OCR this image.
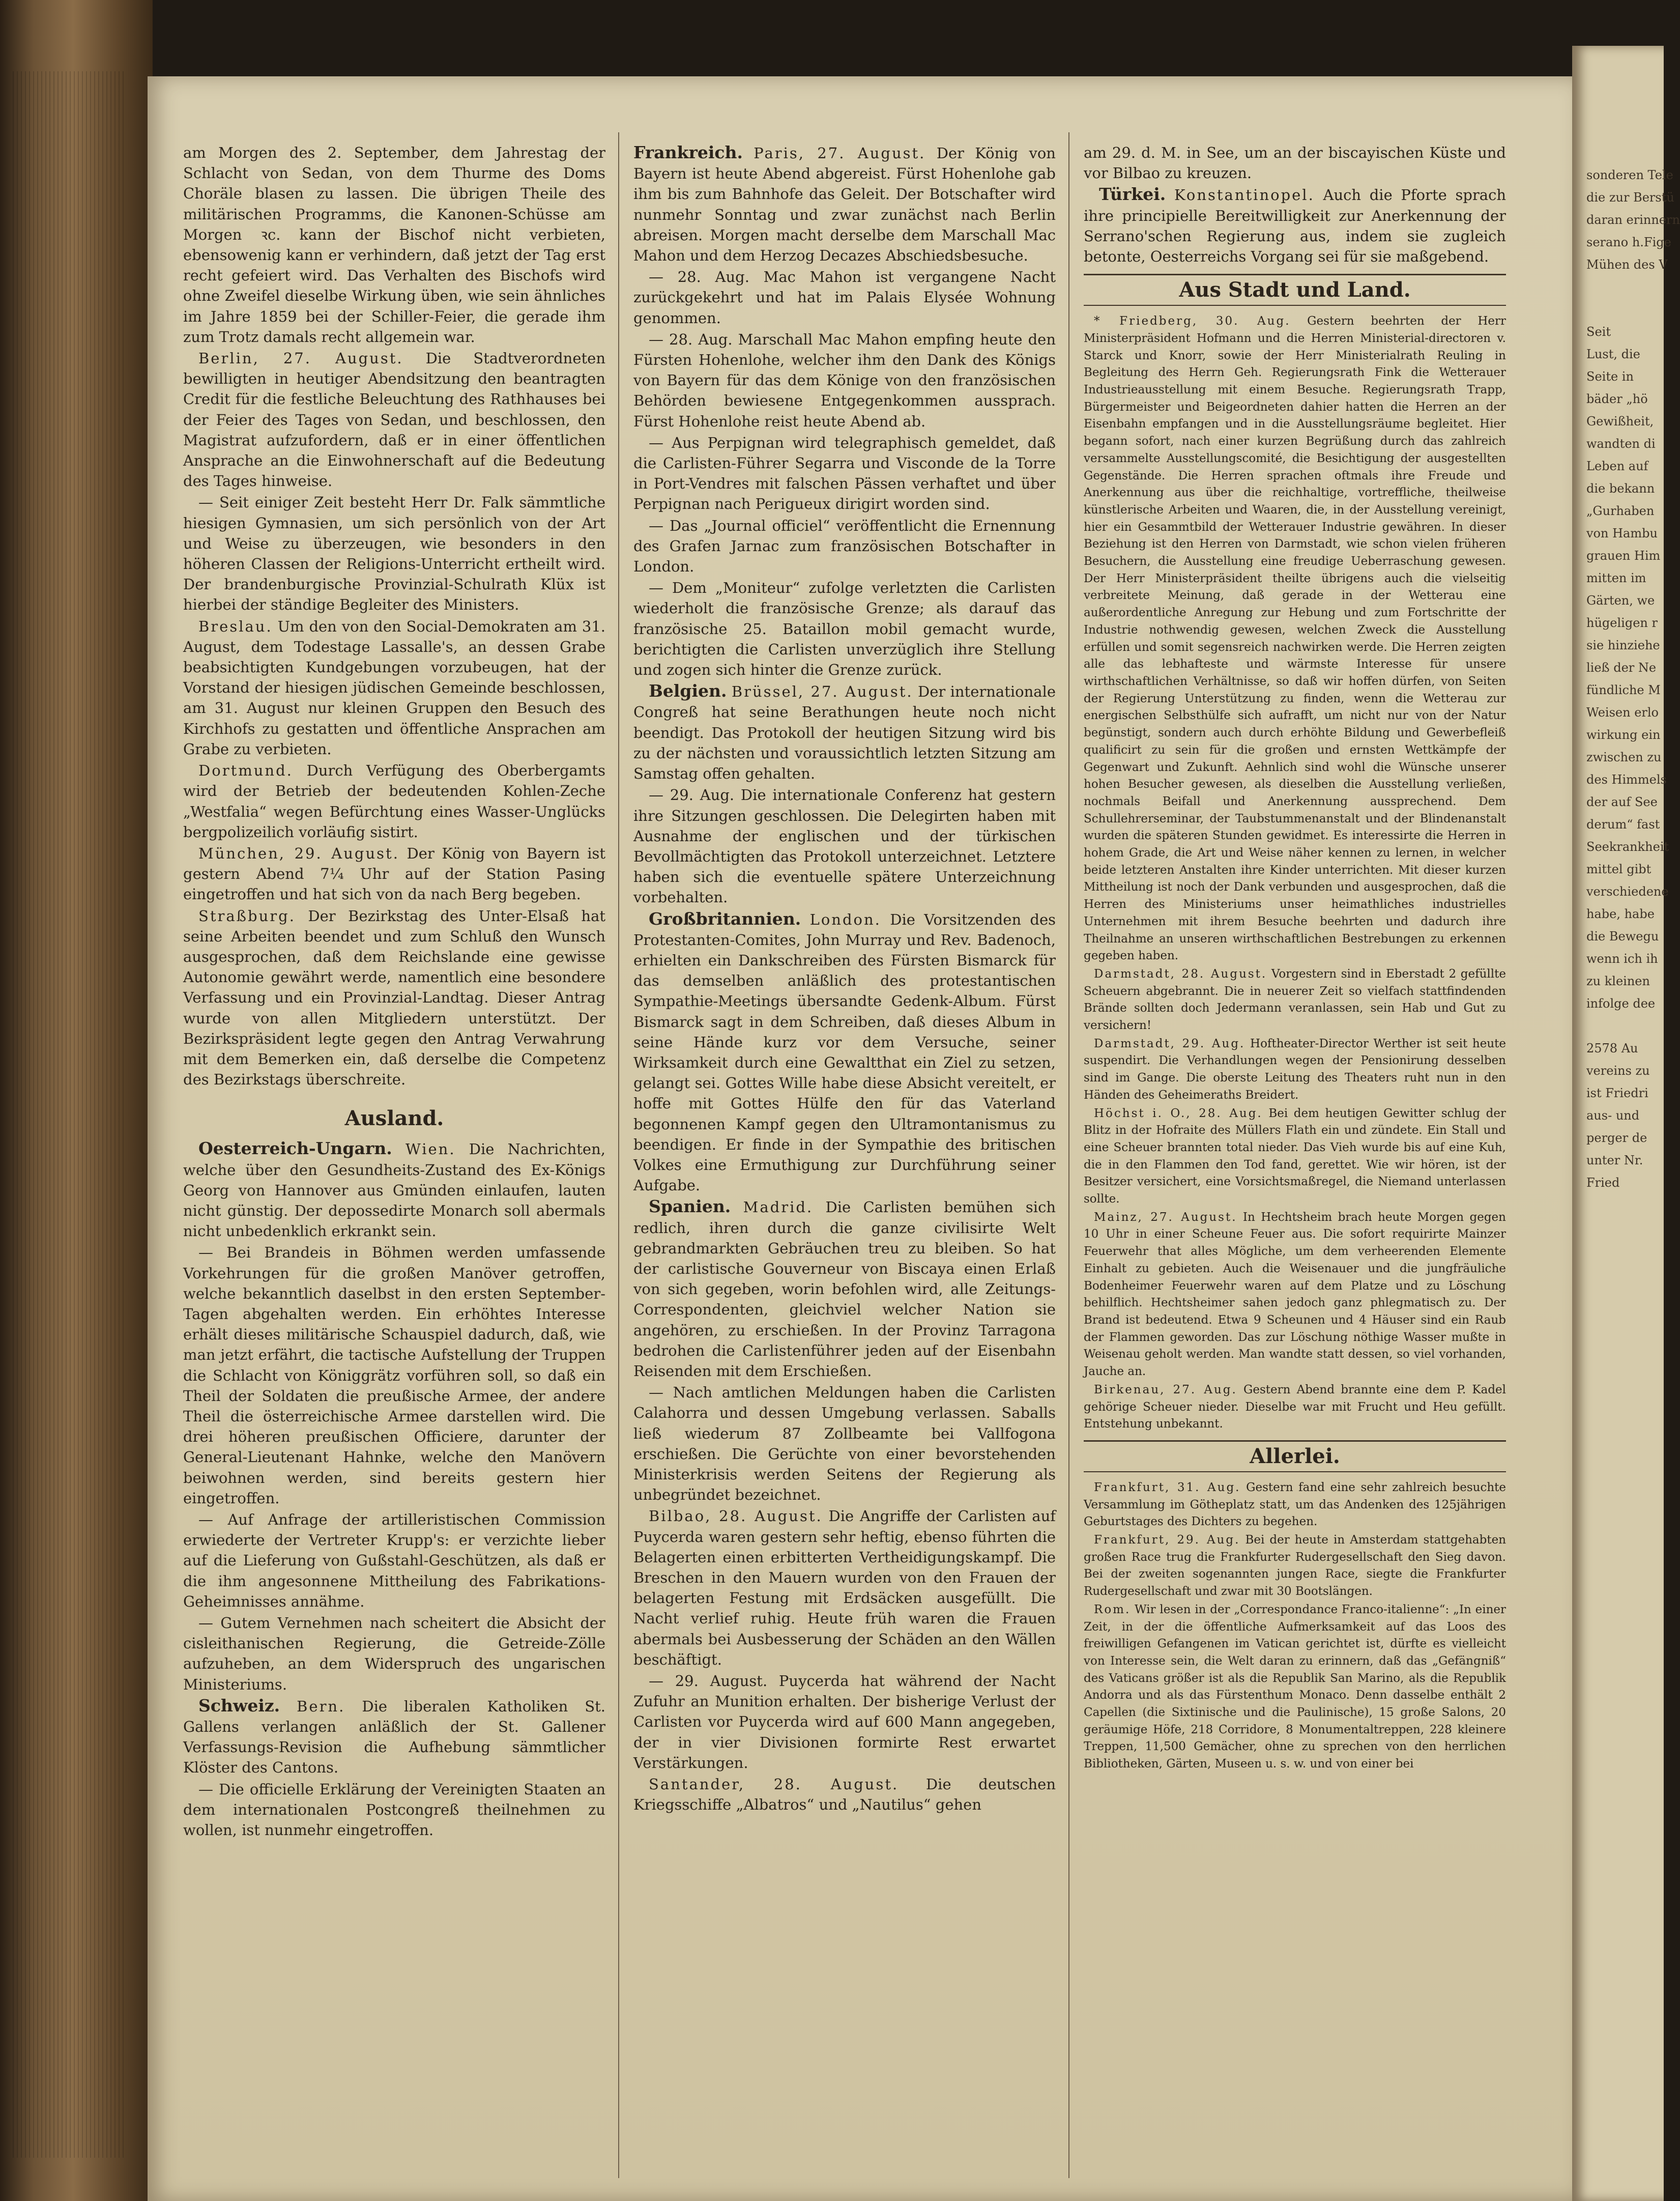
am Morgen des 2. September, dem Jahrestag der Schlacht von Sedan, von dem Thurme des Doms Choräle blasen zu lassen. Die übrigen Theile des militärischen Programms, die Kanonen-Schüsse am Morgen ꝛc. kann der Bischof nicht verbieten, ebensowenig kann er verhindern, daß jetzt der Tag erst recht gefeiert wird. Das Verhalten des Bischofs wird ohne Zweifel dieselbe Wirkung üben, wie sein ähnliches im Jahre 1859 bei der Schiller-Feier, die gerade ihm zum Trotz damals recht allgemein war.

Berlin, 27. August. Die Stadtverordneten bewilligten in heutiger Abendsitzung den beantragten Credit für die festliche Beleuchtung des Rathhauses bei der Feier des Tages von Sedan, und beschlossen, den Magistrat aufzufordern, daß er in einer öffentlichen Ansprache an die Einwohnerschaft auf die Bedeutung des Tages hinweise.

— Seit einiger Zeit besteht Herr Dr. Falk sämmtliche hiesigen Gymnasien, um sich persönlich von der Art und Weise zu überzeugen, wie besonders in den höheren Classen der Religions-Unterricht ertheilt wird. Der brandenburgische Provinzial-Schulrath Klüx ist hierbei der ständige Begleiter des Ministers.

Breslau. Um den von den Social-Demokraten am 31. August, dem Todestage Lassalle's, an dessen Grabe beabsichtigten Kundgebungen vorzubeugen, hat der Vorstand der hiesigen jüdischen Gemeinde beschlossen, am 31. August nur kleinen Gruppen den Besuch des Kirchhofs zu gestatten und öffentliche Ansprachen am Grabe zu verbieten.

Dortmund. Durch Verfügung des Oberbergamts wird der Betrieb der bedeutenden Kohlen-Zeche „Westfalia“ wegen Befürchtung eines Wasser-Unglücks bergpolizeilich vorläufig sistirt.

München, 29. August. Der König von Bayern ist gestern Abend 7¼ Uhr auf der Station Pasing eingetroffen und hat sich von da nach Berg begeben.

Straßburg. Der Bezirkstag des Unter-Elsaß hat seine Arbeiten beendet und zum Schluß den Wunsch ausgesprochen, daß dem Reichslande eine gewisse Autonomie gewährt werde, namentlich eine besondere Verfassung und ein Provinzial-Landtag. Dieser Antrag wurde von allen Mitgliedern unterstützt. Der Bezirkspräsident legte gegen den Antrag Verwahrung mit dem Bemerken ein, daß derselbe die Competenz des Bezirkstags überschreite.

Ausland.

Oesterreich-Ungarn. Wien. Die Nachrichten, welche über den Gesundheits-Zustand des Ex-Königs Georg von Hannover aus Gmünden einlaufen, lauten nicht günstig. Der depossedirte Monarch soll abermals nicht unbedenklich erkrankt sein.

— Bei Brandeis in Böhmen werden umfassende Vorkehrungen für die großen Manöver getroffen, welche bekanntlich daselbst in den ersten September-Tagen abgehalten werden. Ein erhöhtes Interesse erhält dieses militärische Schauspiel dadurch, daß, wie man jetzt erfährt, die tactische Aufstellung der Truppen die Schlacht von Königgrätz vorführen soll, so daß ein Theil der Soldaten die preußische Armee, der andere Theil die österreichische Armee darstellen wird. Die drei höheren preußischen Officiere, darunter der General-Lieutenant Hahnke, welche den Manövern beiwohnen werden, sind bereits gestern hier eingetroffen.

— Auf Anfrage der artilleristischen Commission erwiederte der Vertreter Krupp's: er verzichte lieber auf die Lieferung von Gußstahl-Geschützen, als daß er die ihm angesonnene Mittheilung des Fabrikations-Geheimnisses annähme.

— Gutem Vernehmen nach scheitert die Absicht der cisleithanischen Regierung, die Getreide-Zölle aufzuheben, an dem Widerspruch des ungarischen Ministeriums.

Schweiz. Bern. Die liberalen Katholiken St. Gallens verlangen anläßlich der St. Gallener Verfassungs-Revision die Aufhebung sämmtlicher Klöster des Cantons.

— Die officielle Erklärung der Vereinigten Staaten an dem internationalen Postcongreß theilnehmen zu wollen, ist nunmehr eingetroffen.

Frankreich. Paris, 27. August. Der König von Bayern ist heute Abend abgereist. Fürst Hohenlohe gab ihm bis zum Bahnhofe das Geleit. Der Botschafter wird nunmehr Sonntag und zwar zunächst nach Berlin abreisen. Morgen macht derselbe dem Marschall Mac Mahon und dem Herzog Decazes Abschiedsbesuche.

— 28. Aug. Mac Mahon ist vergangene Nacht zurückgekehrt und hat im Palais Elysée Wohnung genommen.

— 28. Aug. Marschall Mac Mahon empfing heute den Fürsten Hohenlohe, welcher ihm den Dank des Königs von Bayern für das dem Könige von den französischen Behörden bewiesene Entgegenkommen aussprach. Fürst Hohenlohe reist heute Abend ab.

— Aus Perpignan wird telegraphisch gemeldet, daß die Carlisten-Führer Segarra und Visconde de la Torre in Port-Vendres mit falschen Pässen verhaftet und über Perpignan nach Perigueux dirigirt worden sind.

— Das „Journal officiel“ veröffentlicht die Ernennung des Grafen Jarnac zum französischen Botschafter in London.

— Dem „Moniteur“ zufolge verletzten die Carlisten wiederholt die französische Grenze; als darauf das französische 25. Bataillon mobil gemacht wurde, berichtigten die Carlisten unverzüglich ihre Stellung und zogen sich hinter die Grenze zurück.

Belgien. Brüssel, 27. August. Der internationale Congreß hat seine Berathungen heute noch nicht beendigt. Das Protokoll der heutigen Sitzung wird bis zu der nächsten und voraussichtlich letzten Sitzung am Samstag offen gehalten.

— 29. Aug. Die internationale Conferenz hat gestern ihre Sitzungen geschlossen. Die Delegirten haben mit Ausnahme der englischen und der türkischen Bevollmächtigten das Protokoll unterzeichnet. Letztere haben sich die eventuelle spätere Unterzeichnung vorbehalten.

Großbritannien. London. Die Vorsitzenden des Protestanten-Comites, John Murray und Rev. Badenoch, erhielten ein Dankschreiben des Fürsten Bismarck für das demselben anläßlich des protestantischen Sympathie-Meetings übersandte Gedenk-Album. Fürst Bismarck sagt in dem Schreiben, daß dieses Album in seine Hände kurz vor dem Versuche, seiner Wirksamkeit durch eine Gewaltthat ein Ziel zu setzen, gelangt sei. Gottes Wille habe diese Absicht vereitelt, er hoffe mit Gottes Hülfe den für das Vaterland begonnenen Kampf gegen den Ultramontanismus zu beendigen. Er finde in der Sympathie des britischen Volkes eine Ermuthigung zur Durchführung seiner Aufgabe.

Spanien. Madrid. Die Carlisten bemühen sich redlich, ihren durch die ganze civilisirte Welt gebrandmarkten Gebräuchen treu zu bleiben. So hat der carlistische Gouverneur von Biscaya einen Erlaß von sich gegeben, worin befohlen wird, alle Zeitungs-Correspondenten, gleichviel welcher Nation sie angehören, zu erschießen. In der Provinz Tarragona bedrohen die Carlistenführer jeden auf der Eisenbahn Reisenden mit dem Erschießen.

— Nach amtlichen Meldungen haben die Carlisten Calahorra und dessen Umgebung verlassen. Saballs ließ wiederum 87 Zollbeamte bei Vallfogona erschießen. Die Gerüchte von einer bevorstehenden Ministerkrisis werden Seitens der Regierung als unbegründet bezeichnet.

Bilbao, 28. August. Die Angriffe der Carlisten auf Puycerda waren gestern sehr heftig, ebenso führten die Belagerten einen erbitterten Vertheidigungskampf. Die Breschen in den Mauern wurden von den Frauen der belagerten Festung mit Erdsäcken ausgefüllt. Die Nacht verlief ruhig. Heute früh waren die Frauen abermals bei Ausbesserung der Schäden an den Wällen beschäftigt.

— 29. August. Puycerda hat während der Nacht Zufuhr an Munition erhalten. Der bisherige Verlust der Carlisten vor Puycerda wird auf 600 Mann angegeben, der in vier Divisionen formirte Rest erwartet Verstärkungen.

Santander, 28. August. Die deutschen Kriegsschiffe „Albatros“ und „Nautilus“ gehen

am 29. d. M. in See, um an der biscayischen Küste und vor Bilbao zu kreuzen.

Türkei. Konstantinopel. Auch die Pforte sprach ihre principielle Bereitwilligkeit zur Anerkennung der Serrano'schen Regierung aus, indem sie zugleich betonte, Oesterreichs Vorgang sei für sie maßgebend.

Aus Stadt und Land.

* Friedberg, 30. Aug. Gestern beehrten der Herr Ministerpräsident Hofmann und die Herren Ministerial-directoren v. Starck und Knorr, sowie der Herr Ministerialrath Reuling in Begleitung des Herrn Geh. Regierungsrath Fink die Wetterauer Industrieausstellung mit einem Besuche. Regierungsrath Trapp, Bürgermeister und Beigeordneten dahier hatten die Herren an der Eisenbahn empfangen und in die Ausstellungsräume begleitet. Hier begann sofort, nach einer kurzen Begrüßung durch das zahlreich versammelte Ausstellungscomité, die Besichtigung der ausgestellten Gegenstände. Die Herren sprachen oftmals ihre Freude und Anerkennung aus über die reichhaltige, vortreffliche, theilweise künstlerische Arbeiten und Waaren, die, in der Ausstellung vereinigt, hier ein Gesammtbild der Wetterauer Industrie gewähren. In dieser Beziehung ist den Herren von Darmstadt, wie schon vielen früheren Besuchern, die Ausstellung eine freudige Ueberraschung gewesen. Der Herr Ministerpräsident theilte übrigens auch die vielseitig verbreitete Meinung, daß gerade in der Wetterau eine außerordentliche Anregung zur Hebung und zum Fortschritte der Industrie nothwendig gewesen, welchen Zweck die Ausstellung erfüllen und somit segensreich nachwirken werde. Die Herren zeigten alle das lebhafteste und wärmste Interesse für unsere wirthschaftlichen Verhältnisse, so daß wir hoffen dürfen, von Seiten der Regierung Unterstützung zu finden, wenn die Wetterau zur energischen Selbsthülfe sich aufrafft, um nicht nur von der Natur begünstigt, sondern auch durch erhöhte Bildung und Gewerbefleiß qualificirt zu sein für die großen und ernsten Wettkämpfe der Gegenwart und Zukunft. Aehnlich sind wohl die Wünsche unserer hohen Besucher gewesen, als dieselben die Ausstellung verließen, nochmals Beifall und Anerkennung aussprechend. Dem Schullehrerseminar, der Taubstummenanstalt und der Blindenanstalt wurden die späteren Stunden gewidmet. Es interessirte die Herren in hohem Grade, die Art und Weise näher kennen zu lernen, in welcher beide letzteren Anstalten ihre Kinder unterrichten. Mit dieser kurzen Mittheilung ist noch der Dank verbunden und ausgesprochen, daß die Herren des Ministeriums unser heimathliches industrielles Unternehmen mit ihrem Besuche beehrten und dadurch ihre Theilnahme an unseren wirthschaftlichen Bestrebungen zu erkennen gegeben haben.

Darmstadt, 28. August. Vorgestern sind in Eberstadt 2 gefüllte Scheuern abgebrannt. Die in neuerer Zeit so vielfach stattfindenden Brände sollten doch Jedermann veranlassen, sein Hab und Gut zu versichern!

Darmstadt, 29. Aug. Hoftheater-Director Werther ist seit heute suspendirt. Die Verhandlungen wegen der Pensionirung desselben sind im Gange. Die oberste Leitung des Theaters ruht nun in den Händen des Geheimeraths Breidert.

Höchst i. O., 28. Aug. Bei dem heutigen Gewitter schlug der Blitz in der Hofraite des Müllers Flath ein und zündete. Ein Stall und eine Scheuer brannten total nieder. Das Vieh wurde bis auf eine Kuh, die in den Flammen den Tod fand, gerettet. Wie wir hören, ist der Besitzer versichert, eine Vorsichtsmaßregel, die Niemand unterlassen sollte.

Mainz, 27. August. In Hechtsheim brach heute Morgen gegen 10 Uhr in einer Scheune Feuer aus. Die sofort requirirte Mainzer Feuerwehr that alles Mögliche, um dem verheerenden Elemente Einhalt zu gebieten. Auch die Weisenauer und die jungfräuliche Bodenheimer Feuerwehr waren auf dem Platze und zu Löschung behilflich. Hechtsheimer sahen jedoch ganz phlegmatisch zu. Der Brand ist bedeutend. Etwa 9 Scheunen und 4 Häuser sind ein Raub der Flammen geworden. Das zur Löschung nöthige Wasser mußte in Weisenau geholt werden. Man wandte statt dessen, so viel vorhanden, Jauche an.

Birkenau, 27. Aug. Gestern Abend brannte eine dem P. Kadel gehörige Scheuer nieder. Dieselbe war mit Frucht und Heu gefüllt. Entstehung unbekannt.

Allerlei.

Frankfurt, 31. Aug. Gestern fand eine sehr zahlreich besuchte Versammlung im Götheplatz statt, um das Andenken des 125jährigen Geburtstages des Dichters zu begehen.

Frankfurt, 29. Aug. Bei der heute in Amsterdam stattgehabten großen Race trug die Frankfurter Rudergesellschaft den Sieg davon. Bei der zweiten sogenannten jungen Race, siegte die Frankfurter Rudergesellschaft und zwar mit 30 Bootslängen.

Rom. Wir lesen in der „Correspondance Franco-italienne“: „In einer Zeit, in der die öffentliche Aufmerksamkeit auf das Loos des freiwilligen Gefangenen im Vatican gerichtet ist, dürfte es vielleicht von Interesse sein, die Welt daran zu erinnern, daß das „Gefängniß“ des Vaticans größer ist als die Republik San Marino, als die Republik Andorra und als das Fürstenthum Monaco. Denn dasselbe enthält 2 Capellen (die Sixtinische und die Paulinische), 15 große Salons, 20 geräumige Höfe, 218 Corridore, 8 Monumentaltreppen, 228 kleinere Treppen, 11,500 Gemächer, ohne zu sprechen von den herrlichen Bibliotheken, Gärten, Museen u. s. w. und von einer bei

sonderen Tele
die zur Berstü
daran erinnern
serano h.Fige
Mühen des V
Seit
Lust, die
Seite in
bäder „hö
Gewißheit,
wandten di
Leben auf
die bekann
„Gurhaben
von Hambu
grauen Him
mitten im
Gärten, we
hügeligen r
sie hinziehe
ließ der Ne
fündliche M
Weisen erlo
wirkung ein
zwischen zu
des Himmels
der auf See
derum“ fast
Seekrankheit
mittel gibt
verschiedene
habe, habe
die Bewegu
wenn ich ih
zu kleinen
infolge dee
2578 Au
vereins zu
ist Friedri
aus- und
perger de
unter Nr.
Fried
